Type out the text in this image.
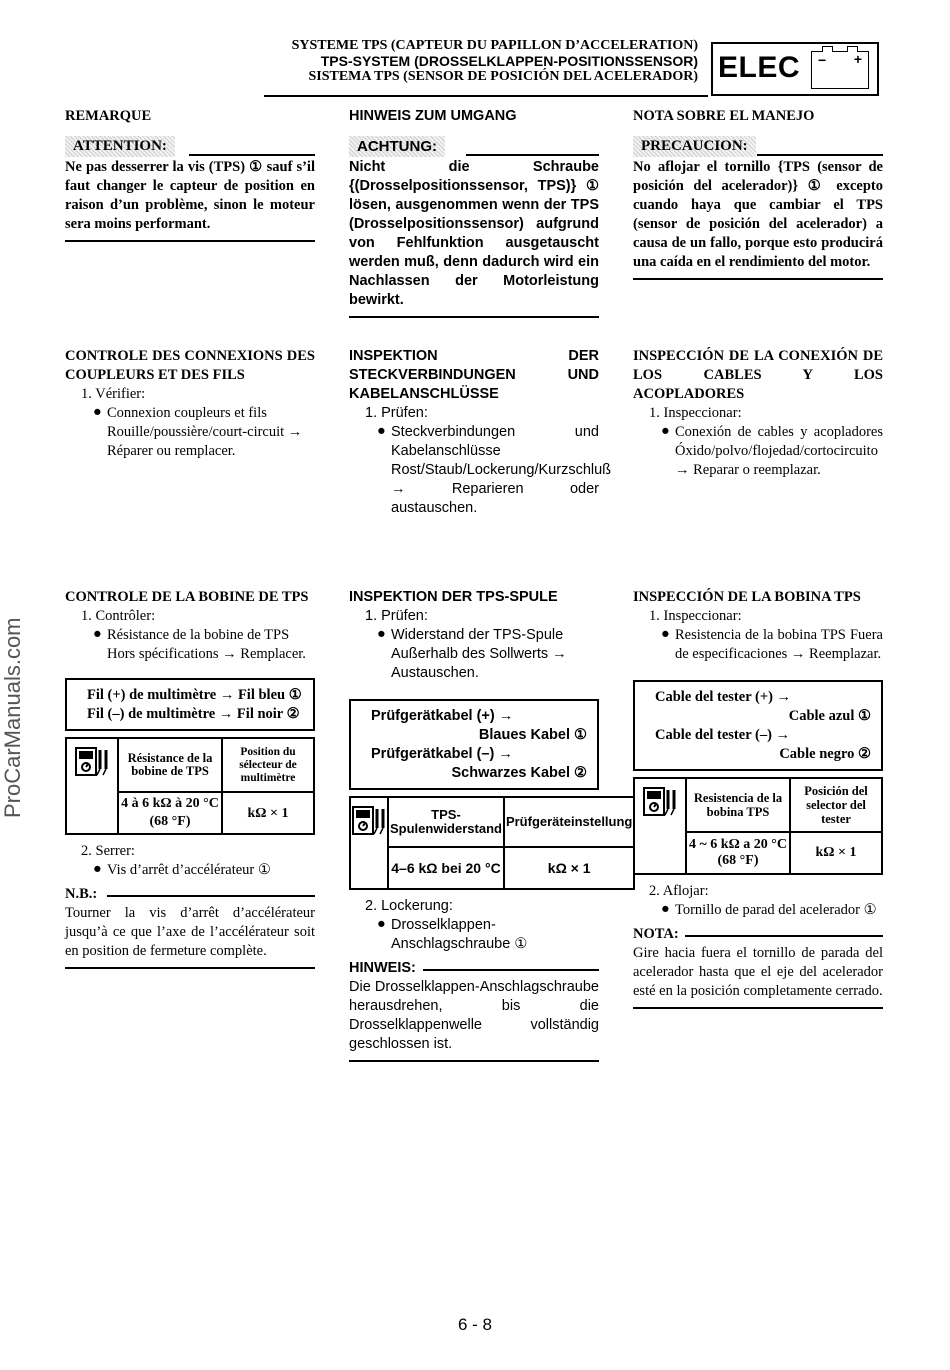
SYSTEME TPS (CAPTEUR DU PAPILLON D’ACCELERATION)
TPS-SYSTEM (DROSSELKLAPPEN-POSITIONSSENSOR)
SISTEMA TPS (SENSOR DE POSICIÓN DEL ACELERADOR) ELEC − +
ProCarManuals.com
REMARQUE
ATTENTION:
Ne pas desserrer la vis (TPS) ① sauf s’il faut changer le capteur de position en raison d’un problème, sinon le moteur sera moins performant.
CONTROLE DES CONNEXIONS DES COUPLEURS ET DES FILS
1. Vérifier:
● Connexion coupleurs et fils Rouille/poussière/court-circuit → Réparer ou remplacer.
CONTROLE DE LA BOBINE DE TPS
1. Contrôler:
● Résistance de la bobine de TPS Hors spécifications → Remplacer.
Fil (+) de multimètre → Fil bleu ①
Fil (–) de multimètre → Fil noir ②
	Résistance de la bobine de TPS	Position du sélecteur de multimètre
	4 à 6 kΩ à 20 °C (68 °F)	kΩ × 1
2. Serrer:
● Vis d’arrêt d’accélérateur ①
N.B.:
Tourner la vis d’arrêt d’accélérateur jusqu’à ce que l’axe de l’accélérateur soit en position de fermeture complète.
HINWEIS ZUM UMGANG
ACHTUNG:
Nicht die Schraube {(Drosselpositionssensor, TPS)} ① lösen, ausgenommen wenn der TPS (Drosselpositionssensor) aufgrund von Fehlfunktion ausgetauscht werden muß, denn dadurch wird ein Nachlassen der Motorleistung bewirkt.
INSPEKTION DER STECKVERBINDUNGEN UND KABELANSCHLÜSSE
1. Prüfen:
● Steckverbindungen und Kabelanschlüsse Rost/Staub/Lockerung/Kurzschluß → Reparieren oder austauschen.
INSPEKTION DER TPS-SPULE
1. Prüfen:
● Widerstand der TPS-Spule Außerhalb des Sollwerts → Austauschen.
Prüfgerätkabel (+) →
Blaues Kabel ①
Prüfgerätkabel (–) →
Schwarzes Kabel ②
	TPS-Spulenwiderstand	Prüfgeräteinstellung
	4–6 kΩ bei 20 °C	kΩ × 1
2. Lockerung:
● Drosselklappen-Anschlagschraube ①
HINWEIS:
Die Drosselklappen-Anschlagschraube herausdrehen, bis die Drosselklappenwelle vollständig geschlossen ist.
NOTA SOBRE EL MANEJO
PRECAUCION:
No aflojar el tornillo {TPS (sensor de posición del acelerador)} ① excepto cuando haya que cambiar el TPS (sensor de posición del acelerador) a causa de un fallo, porque esto producirá una caída en el rendimiento del motor.
INSPECCIÓN DE LA CONEXIÓN DE LOS CABLES Y LOS ACOPLADORES
1. Inspeccionar:
● Conexión de cables y acopladores Óxido/polvo/flojedad/cortocircuito → Reparar o reemplazar.
INSPECCIÓN DE LA BOBINA TPS
1. Inspeccionar:
● Resistencia de la bobina TPS Fuera de especificaciones → Reemplazar.
Cable del tester (+) →
Cable azul ①
Cable del tester (–) →
Cable negro ②
	Resistencia de la bobina TPS	Posición del selector del tester
	4 ~ 6 kΩ a 20 °C (68 °F)	kΩ × 1
2. Aflojar:
● Tornillo de parad del acelerador ①
NOTA:
Gire hacia fuera el tornillo de parada del acelerador hasta que el eje del acelerador esté en la posición completamente cerrado.
6 - 8
